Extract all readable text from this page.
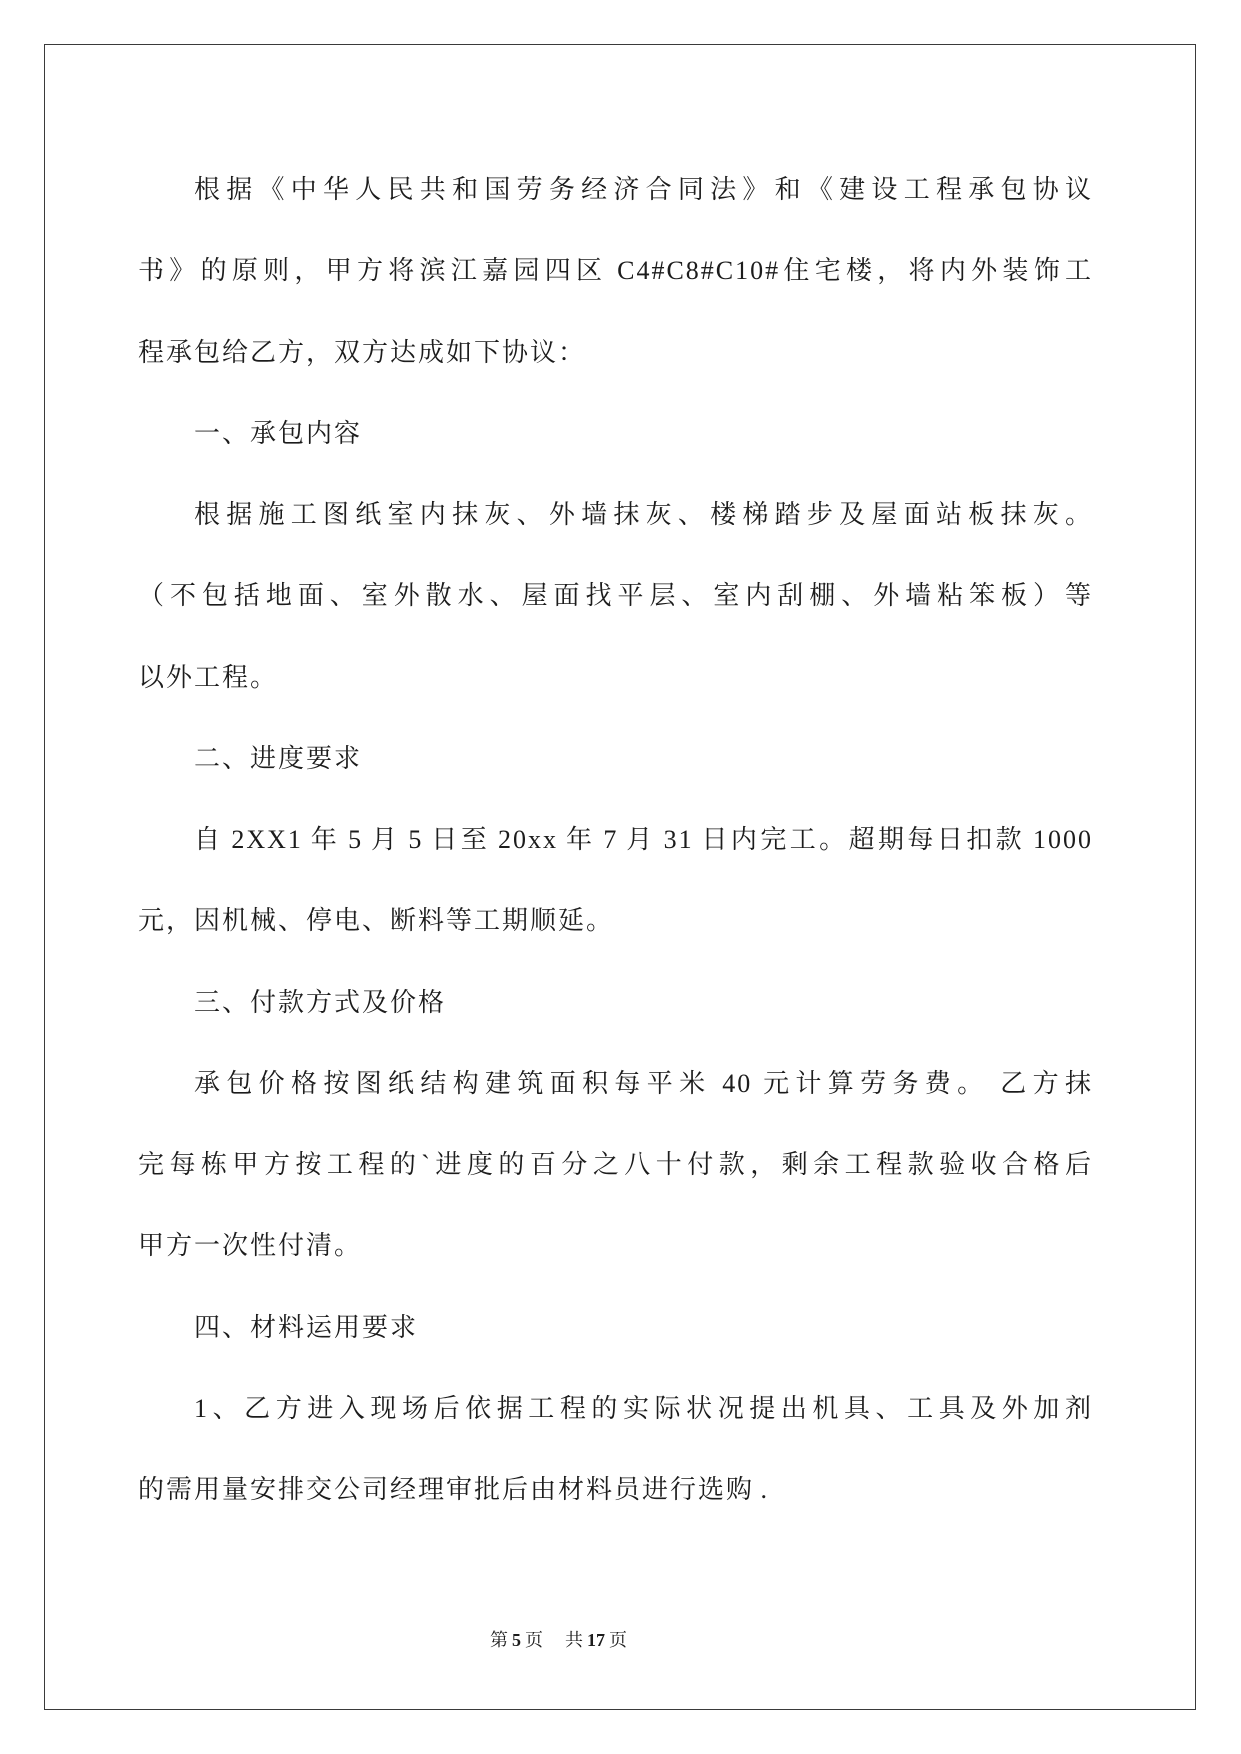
根据《中华人民共和国劳务经济合同法》和《建设工程承包协议
书》的原则，甲方将滨江嘉园四区 C4#C8#C10#住宅楼，将内外装饰工
程承包给乙方，双方达成如下协议：
一、承包内容
根据施工图纸室内抹灰、外墙抹灰、楼梯踏步及屋面站板抹灰。
（不包括地面、室外散水、屋面找平层、室内刮棚、外墙粘笨板）等
以外工程。
二、进度要求
自 2XX1 年 5 月 5 日至 20xx 年 7 月 31 日内完工。超期每日扣款 1000
元，因机械、停电、断料等工期顺延。
三、付款方式及价格
承包价格按图纸结构建筑面积每平米 40 元计算劳务费。 乙方抹
完每栋甲方按工程的`进度的百分之八十付款，剩余工程款验收合格后
甲方一次性付清。
四、材料运用要求
1、乙方进入现场后依据工程的实际状况提出机具、工具及外加剂
的需用量安排交公司经理审批后由材料员进行选购 .
第 5 页 共 17 页
